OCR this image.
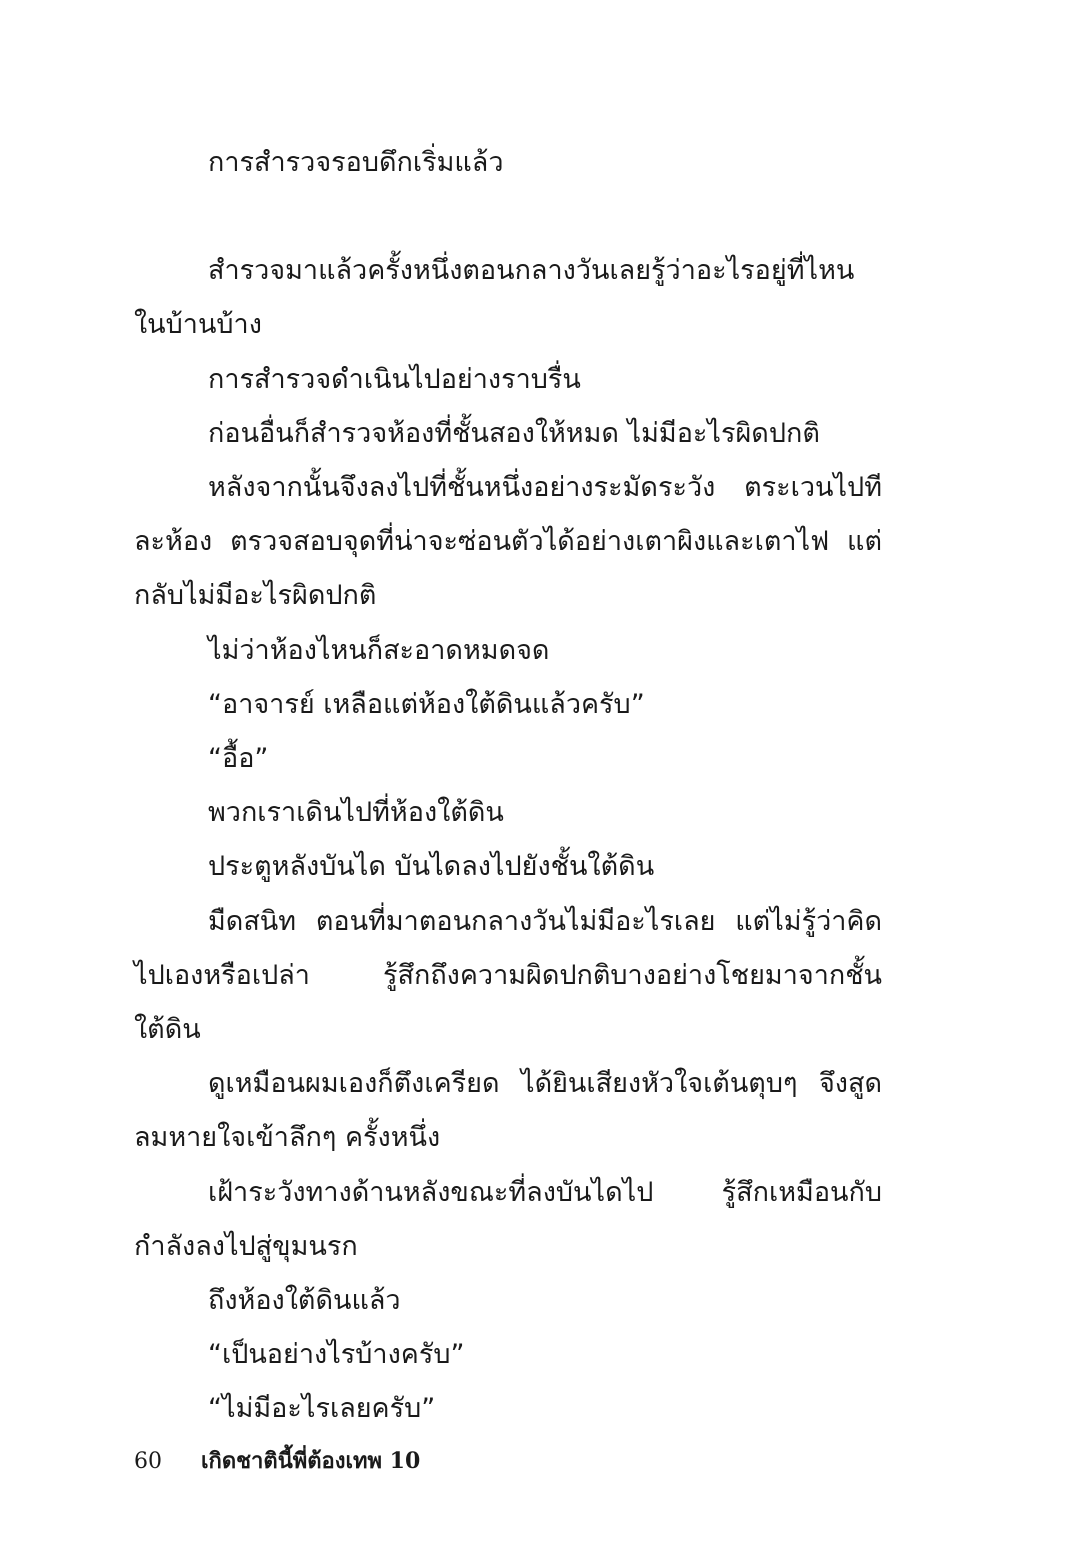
การสำรวจรอบดึกเริ่มแล้ว

สำรวจมาแล้วครั้งหนึ่งตอนกลางวันเลยรู้ว่าอะไรอยู่ที่ไหนในบ้านบ้าง

การสำรวจดำเนินไปอย่างราบรื่น

ก่อนอื่นก็สำรวจห้องที่ชั้นสองให้หมด ไม่มีอะไรผิดปกติ

หลังจากนั้นจึงลงไปที่ชั้นหนึ่งอย่างระมัดระวัง ตระเวนไปทีละห้อง ตรวจสอบจุดที่น่าจะซ่อนตัวได้อย่างเตาผิงและเตาไฟ แต่กลับไม่มีอะไรผิดปกติ

ไม่ว่าห้องไหนก็สะอาดหมดจด

“อาจารย์ เหลือแต่ห้องใต้ดินแล้วครับ”

“อื้อ”

พวกเราเดินไปที่ห้องใต้ดิน

ประตูหลังบันได บันไดลงไปยังชั้นใต้ดิน

มืดสนิท ตอนที่มาตอนกลางวันไม่มีอะไรเลย แต่ไม่รู้ว่าคิดไปเองหรือเปล่า รู้สึกถึงความผิดปกติบางอย่างโชยมาจากชั้นใต้ดิน

ดูเหมือนผมเองก็ตึงเครียด ได้ยินเสียงหัวใจเต้นตุบๆ จึงสูดลมหายใจเข้าลึกๆ ครั้งหนึ่ง

เฝ้าระวังทางด้านหลังขณะที่ลงบันไดไป รู้สึกเหมือนกับกำลังลงไปสู่ขุมนรก

ถึงห้องใต้ดินแล้ว

“เป็นอย่างไรบ้างครับ”

“ไม่มีอะไรเลยครับ”

60 เกิดชาตินี้พี่ต้องเทพ 10
